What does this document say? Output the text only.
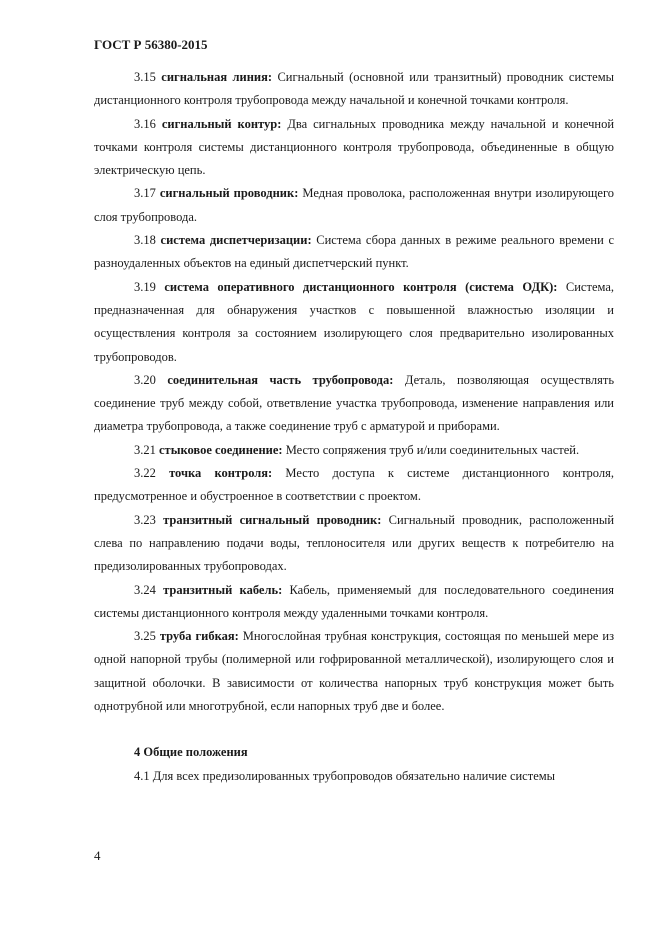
ГОСТ Р 56380-2015

3.15 сигнальная линия: Сигнальный (основной или транзитный) проводник системы дистанционного контроля трубопровода между начальной и конечной точками контроля.

3.16 сигнальный контур: Два сигнальных проводника между начальной и конечной точками контроля системы дистанционного контроля трубопровода, объединенные в общую электрическую цепь.

3.17 сигнальный проводник: Медная проволока, расположенная внутри изолирующего слоя трубопровода.

3.18 система диспетчеризации: Система сбора данных в режиме реального времени с разноудаленных объектов на единый диспетчерский пункт.

3.19 система оперативного дистанционного контроля (система ОДК): Система, предназначенная для обнаружения участков с повышенной влажностью изоляции и осуществления контроля за состоянием изолирующего слоя предварительно изолированных трубопроводов.

3.20 соединительная часть трубопровода: Деталь, позволяющая осуществлять соединение труб между собой, ответвление участка трубопровода, изменение направления или диаметра трубопровода, а также соединение труб с арматурой и приборами.

3.21 стыковое соединение: Место сопряжения труб и/или соединительных частей.

3.22 точка контроля: Место доступа к системе дистанционного контроля, предусмотренное и обустроенное в соответствии с проектом.

3.23 транзитный сигнальный проводник: Сигнальный проводник, расположенный слева по направлению подачи воды, теплоносителя или других веществ к потребителю на предизолированных трубопроводах.

3.24 транзитный кабель: Кабель, применяемый для последовательного соединения системы дистанционного контроля между удаленными точками контроля.

3.25 труба гибкая: Многослойная трубная конструкция, состоящая по меньшей мере из одной напорной трубы (полимерной или гофрированной металлической), изолирующего слоя и защитной оболочки. В зависимости от количества напорных труб конструкция может быть однотрубной или многотрубной, если напорных труб две и более.

4 Общие положения

4.1 Для всех предизолированных трубопроводов обязательно наличие системы

4
